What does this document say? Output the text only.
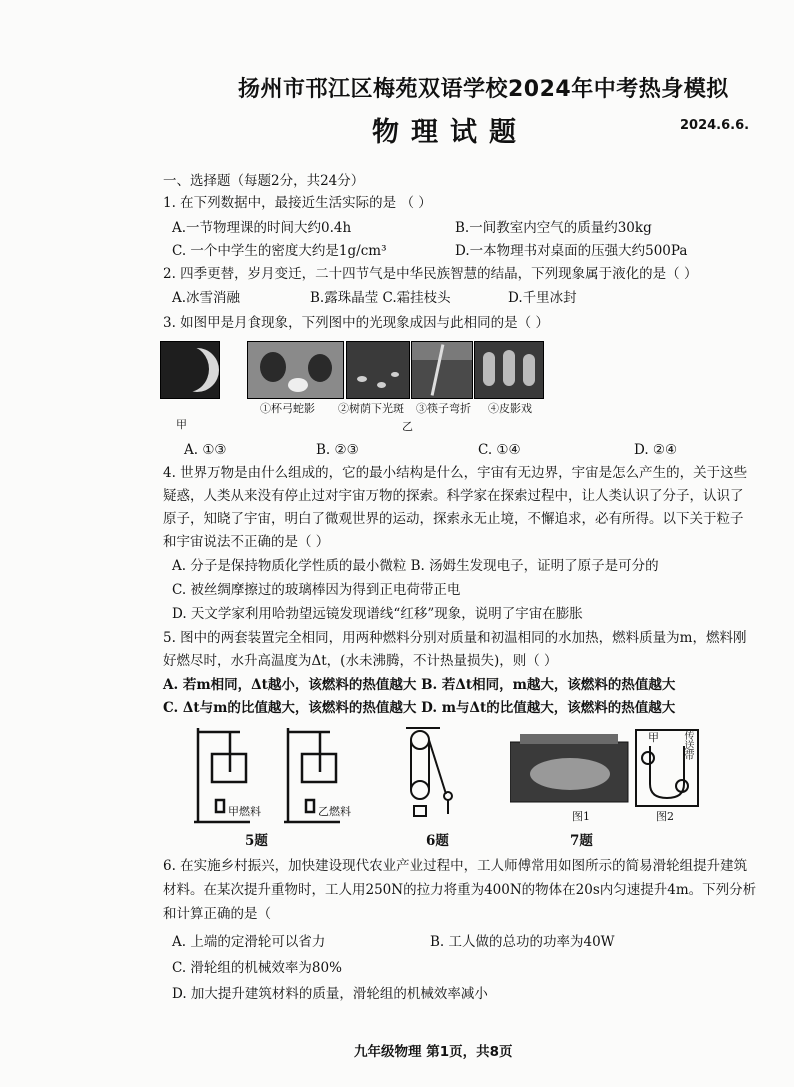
扬州市邗江区梅苑双语学校2024年中考热身模拟
物理试题	2024.6.6.
一、选择题（每题2分，共24分）
1. 在下列数据中，最接近生活实际的是 （ ）
A.一节物理课的时间大约0.4h	B.一间教室内空气的质量约30kg
C. 一个中学生的密度大约是1g/cm³	D.一本物理书对桌面的压强大约500Pa
2. 四季更替，岁月变迁，二十四节气是中华民族智慧的结晶，下列现象属于液化的是（ ）
A.冰雪消融	B.露珠晶莹 C.霜挂枝头	D.千里冰封
3. 如图甲是月食现象，下列图中的光现象成因与此相同的是（ ）
①杯弓蛇影 ②树荫下光斑 ③筷子弯折 ④皮影戏
甲	乙
A. ①③	B. ②③	C. ①④	D. ②④
4. 世界万物是由什么组成的，它的最小结构是什么，宇宙有无边界，宇宙是怎么产生的，关于这些
疑惑，人类从来没有停止过对宇宙万物的探索。科学家在探索过程中，让人类认识了分子，认识了
原子，知晓了宇宙，明白了微观世界的运动，探索永无止境，不懈追求，必有所得。以下关于粒子
和宇宙说法不正确的是（ ）
A. 分子是保持物质化学性质的最小微粒 B. 汤姆生发现电子，证明了原子是可分的
C. 被丝绸摩擦过的玻璃棒因为得到正电荷带正电
D. 天文学家利用哈勃望远镜发现谱线“红移”现象，说明了宇宙在膨胀
5. 图中的两套装置完全相同，用两种燃料分别对质量和初温相同的水加热，燃料质量为m，燃料刚
好燃尽时，水升高温度为Δt，(水未沸腾，不计热量损失)，则（ ）
A. 若m相同，Δt越小，该燃料的热值越大 B. 若Δt相同，m越大，该燃料的热值越大
C. Δt与m的比值越大，该燃料的热值越大 D. m与Δt的比值越大，该燃料的热值越大
甲燃料	乙燃料
甲 传送带
图1	图2
5题	6题	7题
6. 在实施乡村振兴，加快建设现代农业产业过程中，工人师傅常用如图所示的简易滑轮组提升建筑
材料。在某次提升重物时，工人用250N的拉力将重为400N的物体在20s内匀速提升4m。下列分析
和计算正确的是（
A. 上端的定滑轮可以省力	B. 工人做的总功的功率为40W
C. 滑轮组的机械效率为80%
D. 加大提升建筑材料的质量，滑轮组的机械效率减小
九年级物理 第1页，共8页
